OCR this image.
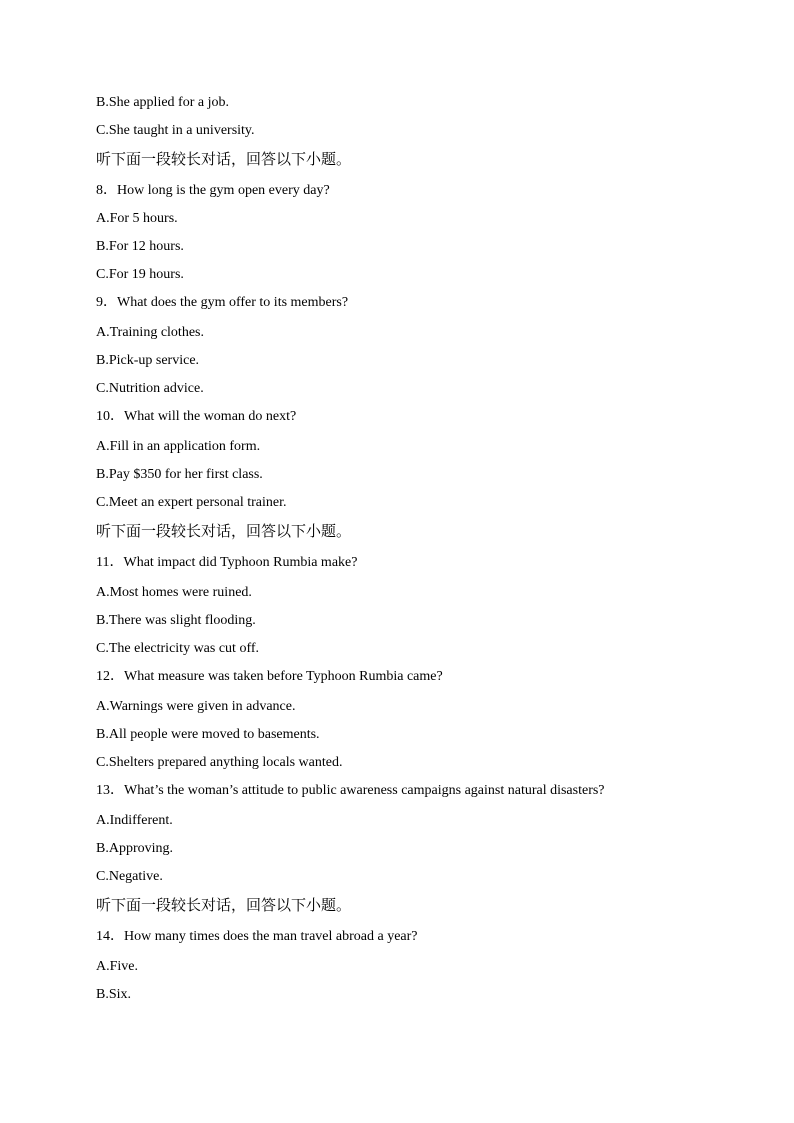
B.She applied for a job.

C.She taught in a university.

听下面一段较长对话，回答以下小题。

8．How long is the gym open every day?

A.For 5 hours.

B.For 12 hours.

C.For 19 hours.

9．What does the gym offer to its members?

A.Training clothes.

B.Pick-up service.

C.Nutrition advice.

10．What will the woman do next?

A.Fill in an application form.

B.Pay $350 for her first class.

C.Meet an expert personal trainer.

听下面一段较长对话，回答以下小题。

11．What impact did Typhoon Rumbia make?

A.Most homes were ruined.

B.There was slight flooding.

C.The electricity was cut off.

12．What measure was taken before Typhoon Rumbia came?

A.Warnings were given in advance.

B.All people were moved to basements.

C.Shelters prepared anything locals wanted.

13．What’s the woman’s attitude to public awareness campaigns against natural disasters?

A.Indifferent.

B.Approving.

C.Negative.

听下面一段较长对话，回答以下小题。

14．How many times does the man travel abroad a year?

A.Five.

B.Six.
